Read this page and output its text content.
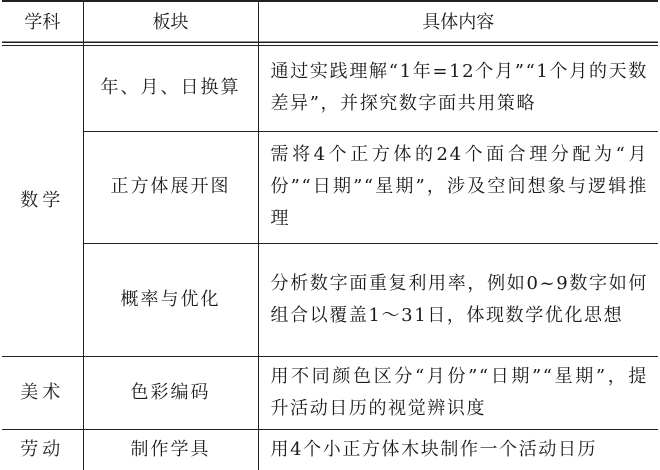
学科	板块	具体内容
数学	年、月、日换算	通过实践理解“1年=12个月”“1个月的天数差异”，并探究数字面共用策略
	正方体展开图	需将4个正方体的24个面合理分配为“月份”“日期”“星期”，涉及空间想象与逻辑推理
	概率与优化	分析数字面重复利用率，例如0~9数字如何组合以覆盖1～31日，体现数学优化思想
美术	色彩编码	用不同颜色区分“月份”“日期”“星期”，提升活动日历的视觉辨识度
劳动	制作学具	用4个小正方体木块制作一个活动日历
